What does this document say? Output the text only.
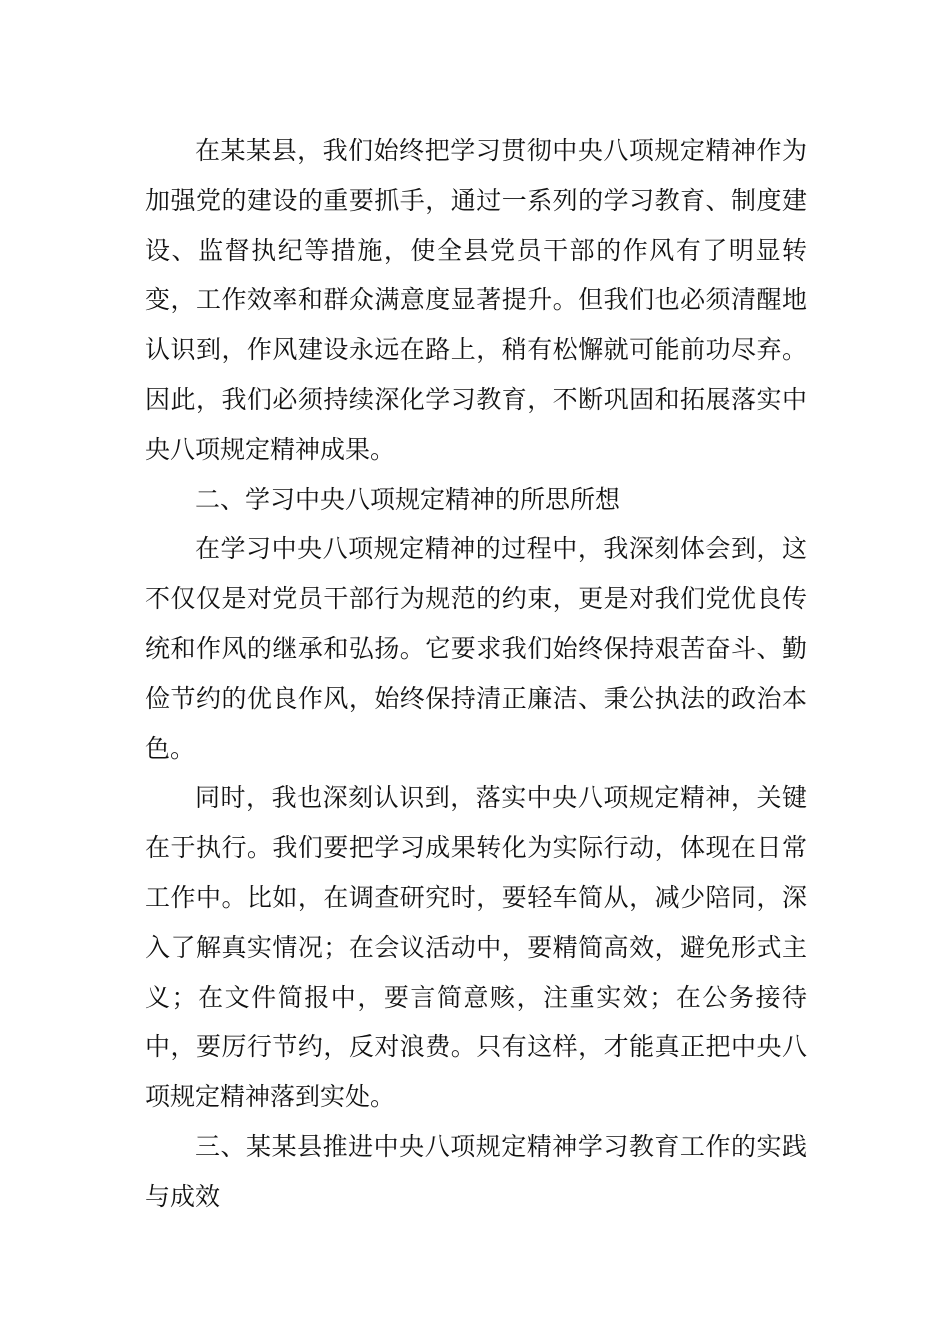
在某某县，我们始终把学习贯彻中央八项规定精神作为加强党的建设的重要抓手，通过一系列的学习教育、制度建设、监督执纪等措施，使全县党员干部的作风有了明显转变，工作效率和群众满意度显著提升。但我们也必须清醒地认识到，作风建设永远在路上，稍有松懈就可能前功尽弃。因此，我们必须持续深化学习教育，不断巩固和拓展落实中央八项规定精神成果。

二、学习中央八项规定精神的所思所想

在学习中央八项规定精神的过程中，我深刻体会到，这不仅仅是对党员干部行为规范的约束，更是对我们党优良传统和作风的继承和弘扬。它要求我们始终保持艰苦奋斗、勤俭节约的优良作风，始终保持清正廉洁、秉公执法的政治本色。

同时，我也深刻认识到，落实中央八项规定精神，关键在于执行。我们要把学习成果转化为实际行动，体现在日常工作中。比如，在调查研究时，要轻车简从，减少陪同，深入了解真实情况；在会议活动中，要精简高效，避免形式主义；在文件简报中，要言简意赅，注重实效；在公务接待中，要厉行节约，反对浪费。只有这样，才能真正把中央八项规定精神落到实处。

三、某某县推进中央八项规定精神学习教育工作的实践与成效
